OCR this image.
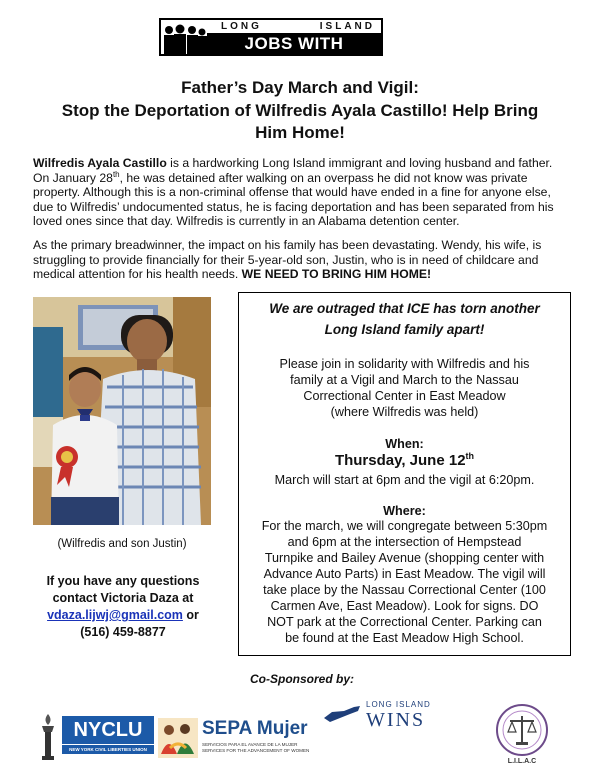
LONG	ISLAND
JOBS WITH JUSTICE
Father’s Day March and Vigil:
Stop the Deportation of Wilfredis Ayala Castillo! Help Bring
Him Home!
Wilfredis Ayala Castillo is a hardworking Long Island immigrant and loving husband and father. On January 28th, he was detained after walking on an overpass he did not know was private property. Although this is a non-criminal offense that would have ended in a fine for anyone else, due to Wilfredis’ undocumented status, he is facing deportation and has been separated from his loved ones since that day. Wilfredis is currently in an Alabama detention center.
As the primary breadwinner, the impact on his family has been devastating. Wendy, his wife, is struggling to provide financially for their 5-year-old son, Justin, who is in need of childcare and medical attention for his health needs. WE NEED TO BRING HIM HOME!
(Wilfredis and son Justin)
If you have any questions
contact Victoria Daza at
vdaza.lijwj@gmail.com or
(516) 459-8877
We are outraged that ICE has torn another
Long Island family apart!
Please join in solidarity with Wilfredis and his
family at a Vigil and March to the Nassau
Correctional Center in East Meadow
(where Wilfredis was held)
When:
Thursday, June 12th
March will start at 6pm and the vigil at 6:20pm.
Where:
For the march, we will congregate between 5:30pm
and 6pm at the intersection of Hempstead
Turnpike and Bailey Avenue (shopping center with
Advance Auto Parts) in East Meadow. The vigil will
take place by the Nassau Correctional Center (100
Carmen Ave, East Meadow). Look for signs. DO
NOT park at the Correctional Center. Parking can
be found at the East Meadow High School.
Co-Sponsored by:
NYCLU
NEW YORK CIVIL LIBERTIES UNION
SEPA Mujer
SERVICIOS PARA EL AVANCE DE LA MUJER
SERVICES FOR THE ADVANCEMENT OF WOMEN
LONG ISLAND
WINS
L.I.L.A.C
